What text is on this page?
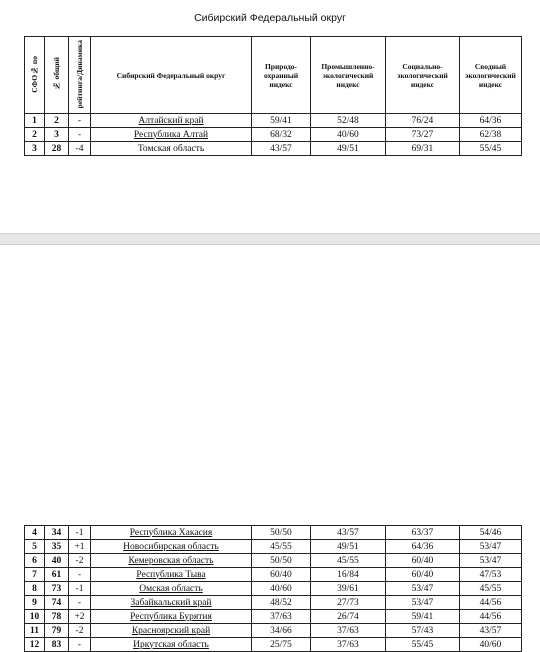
Сибирский Федеральный округ
СФО№ по	№ общий	рейтинга/Динамика	Сибирский Федеральный округ	Природо-охранный индекс	Промышленно-экологический индекс	Социально-экологический индекс	Сводный экологический индекс
1	2	-	Алтайский край	59/41	52/48	76/24	64/36
2	3	-	Республика Алтай	68/32	40/60	73/27	62/38
3	28	-4	Томская область	43/57	49/51	69/31	55/45
4	34	-1	Республика Хакасия	50/50	43/57	63/37	54/46
5	35	+1	Новосибирская область	45/55	49/51	64/36	53/47
6	40	-2	Кемеровская область	50/50	45/55	60/40	53/47
7	61	-	Республика Тыва	60/40	16/84	60/40	47/53
8	73	-1	Омская область	40/60	39/61	53/47	45/55
9	74	-	Забайкальский край	48/52	27/73	53/47	44/56
10	78	+2	Республика Бурятия	37/63	26/74	59/41	44/56
11	79	-2	Красноярский край	34/66	37/63	57/43	43/57
12	83	-	Иркутская область	25/75	37/63	55/45	40/60
